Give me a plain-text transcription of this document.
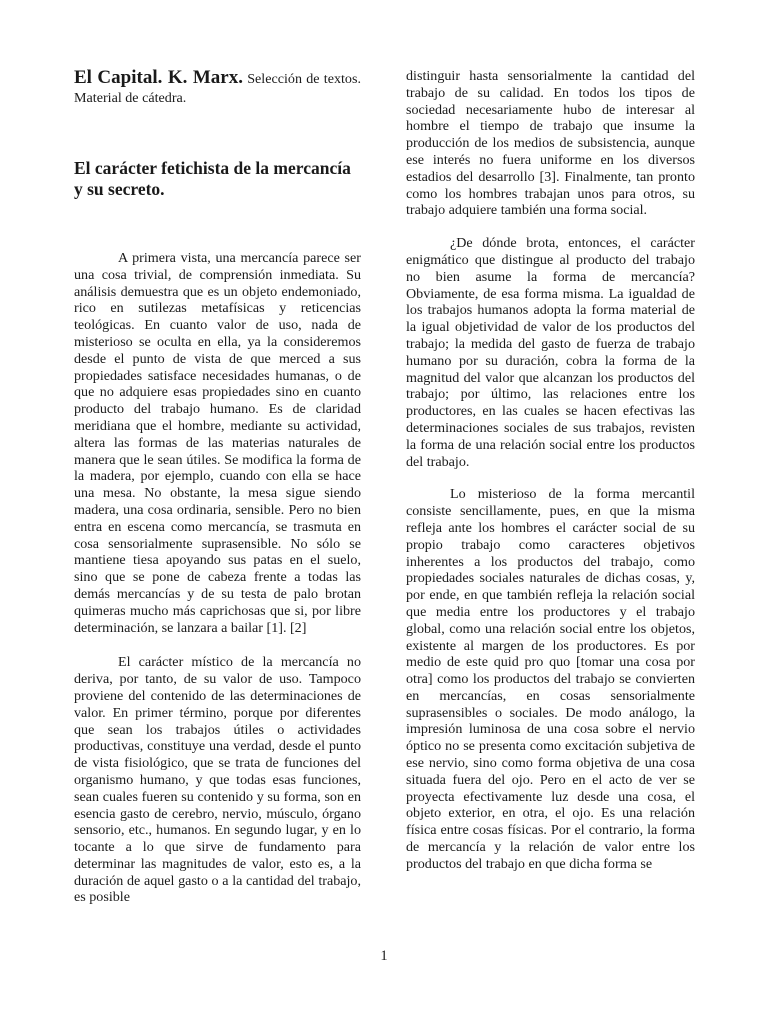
El Capital. K. Marx. Selección de textos. Material de cátedra.

El carácter fetichista de la mercancía y su secreto.

A primera vista, una mercancía parece ser una cosa trivial, de comprensión inmediata. Su análisis demuestra que es un objeto endemoniado, rico en sutilezas metafísicas y reticencias teológicas. En cuanto valor de uso, nada de misterioso se oculta en ella, ya la consideremos desde el punto de vista de que merced a sus propiedades satisface necesidades humanas, o de que no adquiere esas propiedades sino en cuanto producto del trabajo humano. Es de claridad meridiana que el hombre, mediante su actividad, altera las formas de las materias naturales de manera que le sean útiles. Se modifica la forma de la madera, por ejemplo, cuando con ella se hace una mesa. No obstante, la mesa sigue siendo madera, una cosa ordinaria, sensible. Pero no bien entra en escena como mercancía, se trasmuta en cosa sensorialmente suprasensible. No sólo se mantiene tiesa apoyando sus patas en el suelo, sino que se pone de cabeza frente a todas las demás mercancías y de su testa de palo brotan quimeras mucho más caprichosas que si, por libre determinación, se lanzara a bailar [1]. [2]

El carácter místico de la mercancía no deriva, por tanto, de su valor de uso. Tampoco proviene del contenido de las determinaciones de valor. En primer término, porque por diferentes que sean los trabajos útiles o actividades productivas, constituye una verdad, desde el punto de vista fisiológico, que se trata de funciones del organismo humano, y que todas esas funciones, sean cuales fueren su contenido y su forma, son en esencia gasto de cerebro, nervio, músculo, órgano sensorio, etc., humanos. En segundo lugar, y en lo tocante a lo que sirve de fundamento para determinar las magnitudes de valor, esto es, a la duración de aquel gasto o a la cantidad del trabajo, es posible

distinguir hasta sensorialmente la cantidad del trabajo de su calidad. En todos los tipos de sociedad necesariamente hubo de interesar al hombre el tiempo de trabajo que insume la producción de los medios de subsistencia, aunque ese interés no fuera uniforme en los diversos estadios del desarrollo [3]. Finalmente, tan pronto como los hombres trabajan unos para otros, su trabajo adquiere también una forma social.

¿De dónde brota, entonces, el carácter enigmático que distingue al producto del trabajo no bien asume la forma de mercancía? Obviamente, de esa forma misma. La igualdad de los trabajos humanos adopta la forma material de la igual objetividad de valor de los productos del trabajo; la medida del gasto de fuerza de trabajo humano por su duración, cobra la forma de la magnitud del valor que alcanzan los productos del trabajo; por último, las relaciones entre los productores, en las cuales se hacen efectivas las determinaciones sociales de sus trabajos, revisten la forma de una relación social entre los productos del trabajo.

Lo misterioso de la forma mercantil consiste sencillamente, pues, en que la misma refleja ante los hombres el carácter social de su propio trabajo como caracteres objetivos inherentes a los productos del trabajo, como propiedades sociales naturales de dichas cosas, y, por ende, en que también refleja la relación social que media entre los productores y el trabajo global, como una relación social entre los objetos, existente al margen de los productores. Es por medio de este quid pro quo [tomar una cosa por otra] como los productos del trabajo se convierten en mercancías, en cosas sensorialmente suprasensibles o sociales. De modo análogo, la impresión luminosa de una cosa sobre el nervio óptico no se presenta como excitación subjetiva de ese nervio, sino como forma objetiva de una cosa situada fuera del ojo. Pero en el acto de ver se proyecta efectivamente luz desde una cosa, el objeto exterior, en otra, el ojo. Es una relación física entre cosas físicas. Por el contrario, la forma de mercancía y la relación de valor entre los productos del trabajo en que dicha forma se

1
